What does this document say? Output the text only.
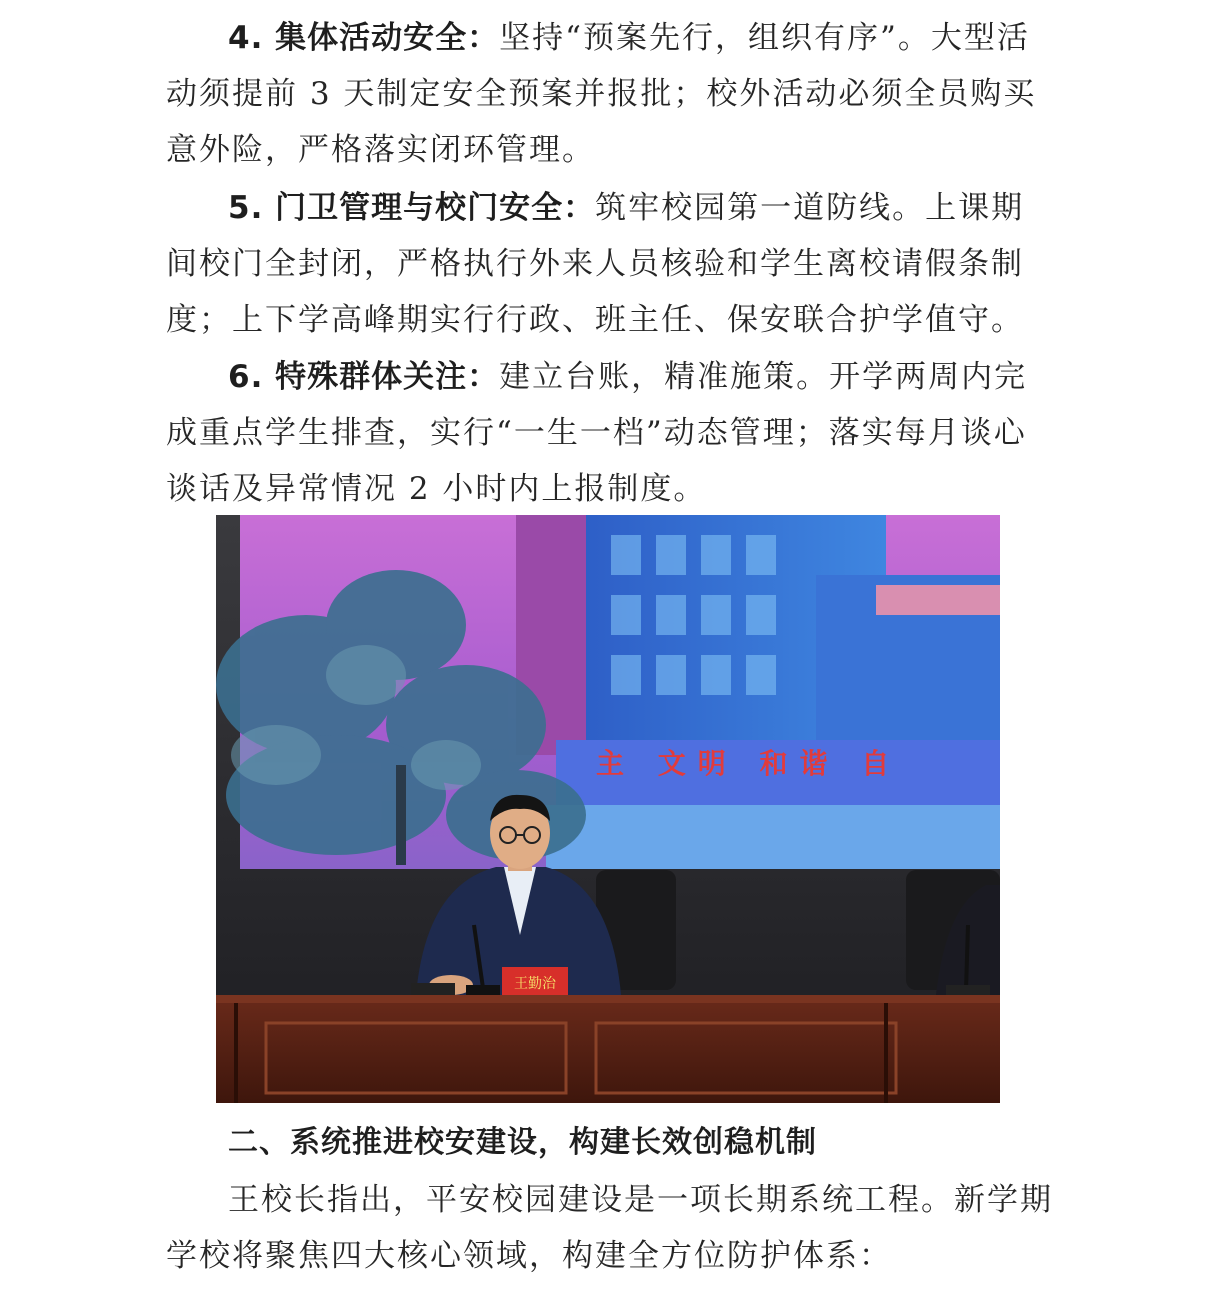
4. 集体活动安全：坚持“预案先行，组织有序”。大型活动须提前 3 天制定安全预案并报批；校外活动必须全员购买意外险，严格落实闭环管理。

5. 门卫管理与校门安全：筑牢校园第一道防线。上课期间校门全封闭，严格执行外来人员核验和学生离校请假条制度；上下学高峰期实行行政、班主任、保安联合护学值守。

6. 特殊群体关注：建立台账，精准施策。开学两周内完成重点学生排查，实行“一生一档”动态管理；落实每月谈心谈话及异常情况 2 小时内上报制度。

主 文明 和谐 自
王勤治
二、系统推进校安建设，构建长效创稳机制

王校长指出，平安校园建设是一项长期系统工程。新学期学校将聚焦四大核心领域，构建全方位防护体系：
